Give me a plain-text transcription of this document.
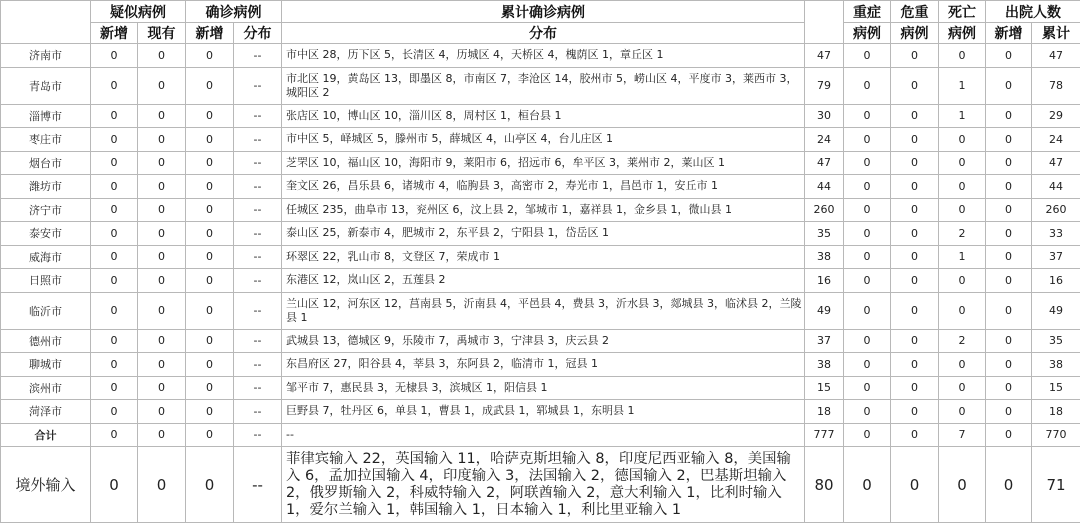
	疑似病例		确诊病例		累计确诊病例		重症	危重	死亡	出院人数	
	新增	现有	新增	分布	分布		病例	病例	病例	新增	累计
济南市	0	0	0	--	市中区 28，历下区 5，长清区 4，历城区 4，天桥区 4，槐荫区 1，章丘区 1	47	0	0	0	0	47
青岛市	0	0	0	--	市北区 19，黄岛区 13，即墨区 8，市南区 7，李沧区 14，胶州市 5，崂山区 4，平度市 3，莱西市 3，城阳区 2	79	0	0	1	0	78
淄博市	0	0	0	--	张店区 10，博山区 10，淄川区 8，周村区 1，桓台县 1	30	0	0	1	0	29
枣庄市	0	0	0	--	市中区 5，峄城区 5，滕州市 5，薛城区 4，山亭区 4，台儿庄区 1	24	0	0	0	0	24
烟台市	0	0	0	--	芝罘区 10，福山区 10，海阳市 9，莱阳市 6，招远市 6，牟平区 3，莱州市 2，莱山区 1	47	0	0	0	0	47
潍坊市	0	0	0	--	奎文区 26，昌乐县 6，诸城市 4，临朐县 3，高密市 2，寿光市 1，昌邑市 1，安丘市 1	44	0	0	0	0	44
济宁市	0	0	0	--	任城区 235，曲阜市 13，兖州区 6，汶上县 2，邹城市 1，嘉祥县 1，金乡县 1，微山县 1	260	0	0	0	0	260
泰安市	0	0	0	--	泰山区 25，新泰市 4，肥城市 2，东平县 2，宁阳县 1，岱岳区 1	35	0	0	2	0	33
威海市	0	0	0	--	环翠区 22，乳山市 8，文登区 7，荣成市 1	38	0	0	1	0	37
日照市	0	0	0	--	东港区 12，岚山区 2，五莲县 2	16	0	0	0	0	16
临沂市	0	0	0	--	兰山区 12，河东区 12，莒南县 5，沂南县 4，平邑县 4，费县 3，沂水县 3，郯城县 3，临沭县 2，兰陵县 1	49	0	0	0	0	49
德州市	0	0	0	--	武城县 13，德城区 9，乐陵市 7，禹城市 3，宁津县 3，庆云县 2	37	0	0	2	0	35
聊城市	0	0	0	--	东昌府区 27，阳谷县 4，莘县 3，东阿县 2，临清市 1，冠县 1	38	0	0	0	0	38
滨州市	0	0	0	--	邹平市 7，惠民县 3，无棣县 3，滨城区 1，阳信县 1	15	0	0	0	0	15
菏泽市	0	0	0	--	巨野县 7，牡丹区 6，单县 1，曹县 1，成武县 1，郓城县 1，东明县 1	18	0	0	0	0	18
合计	0	0	0	--	--	777	0	0	7	0	770
境外输入	0	0	0	--	菲律宾输入 22，英国输入 11，哈萨克斯坦输入 8，印度尼西亚输入 8，美国输入 6，孟加拉国输入 4，印度输入 3，法国输入 2，德国输入 2，巴基斯坦输入 2，俄罗斯输入 2，科威特输入 2，阿联酋输入 2，意大利输入 1，比利时输入 1，爱尔兰输入 1，韩国输入 1，日本输入 1，利比里亚输入 1	80	0	0	0	0	71
